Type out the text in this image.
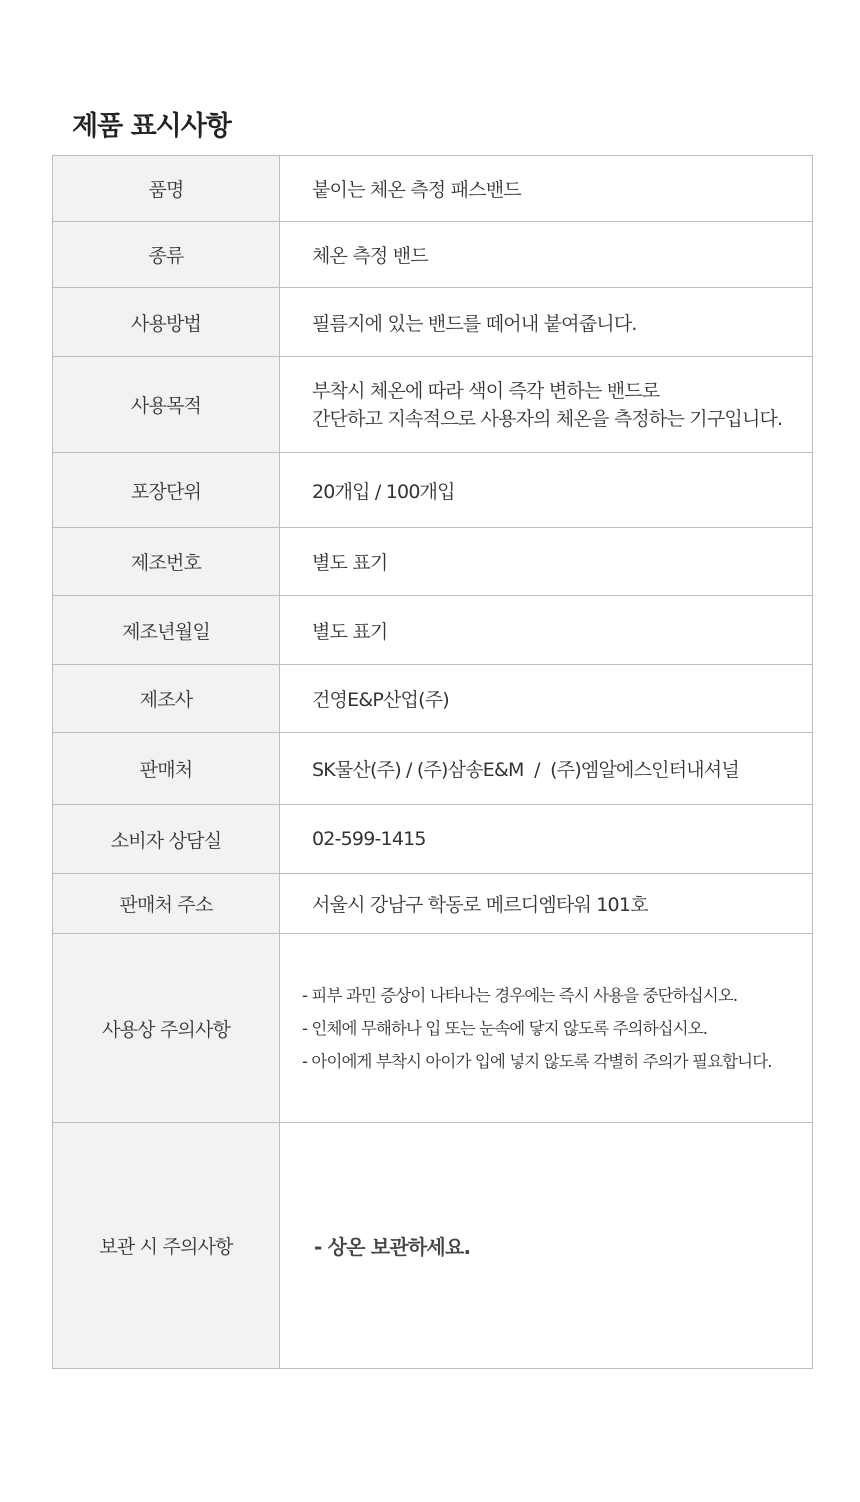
제품 표시사항
품명	붙이는 체온 측정 패스밴드
종류	체온 측정 밴드
사용방법	필름지에 있는 밴드를 떼어내 붙여줍니다.
사용목적	부착시 체온에 따라 색이 즉각 변하는 밴드로
간단하고 지속적으로 사용자의 체온을 측정하는 기구입니다.

포장단위	20개입 / 100개입
제조번호	별도 표기
제조년월일	별도 표기
제조사	건영E&P산업(주)
판매처	SK물산(주) / (주)삼송E&M  /  (주)엠알에스인터내셔널
소비자 상담실	02-599-1415
판매처 주소	서울시 강남구 학동로 메르디엠타워 101호
사용상 주의사항	- 피부 과민 증상이 나타나는 경우에는 즉시 사용을 중단하십시오.
- 인체에 무해하나 입 또는 눈속에 닿지 않도록 주의하십시오.
- 아이에게 부착시 아이가 입에 넣지 않도록 각별히 주의가 필요합니다.

보관 시 주의사항	- 상온 보관하세요.
